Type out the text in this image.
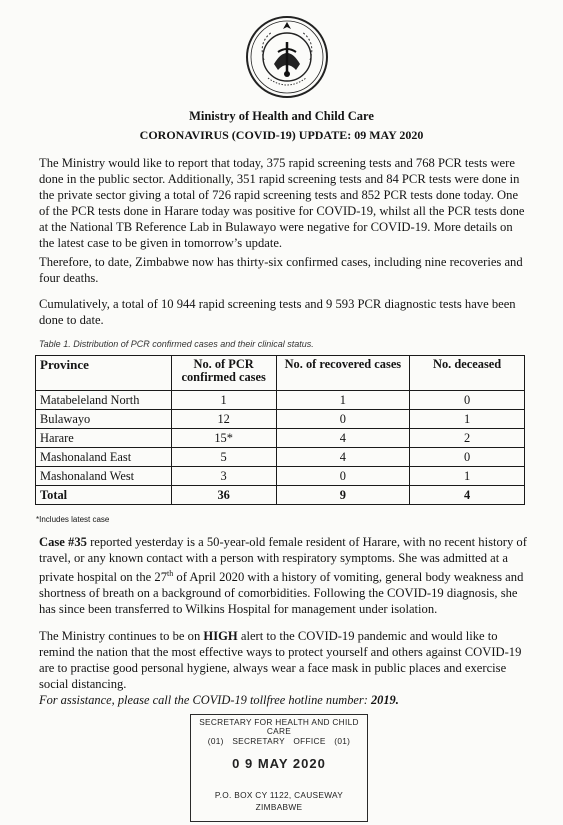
Ministry of Health and Child Care
CORONAVIRUS (COVID-19) UPDATE: 09 MAY 2020

The Ministry would like to report that today, 375 rapid screening tests and 768 PCR tests were done in the public sector. Additionally, 351 rapid screening tests and 84 PCR tests were done in the private sector giving a total of 726 rapid screening tests and 852 PCR tests done today. One of the PCR tests done in Harare today was positive for COVID-19, whilst all the PCR tests done at the National TB Reference Lab in Bulawayo were negative for COVID-19. More details on the latest case to be given in tomorrow’s update.

Therefore, to date, Zimbabwe now has thirty-six confirmed cases, including nine recoveries and four deaths.

Cumulatively, a total of 10 944 rapid screening tests and 9 593 PCR diagnostic tests have been done to date.

Table 1. Distribution of PCR confirmed cases and their clinical status.
Province	No. of PCR confirmed cases	No. of recovered cases	No. deceased
Matabeleland North	1	1	0
Bulawayo	12	0	1
Harare	15*	4	2
Mashonaland East	5	4	0
Mashonaland West	3	0	1
Total	36	9	4
*Includes latest case

Case #35 reported yesterday is a 50-year-old female resident of Harare, with no recent history of travel, or any known contact with a person with respiratory symptoms. She was admitted at a private hospital on the 27th of April 2020 with a history of vomiting, general body weakness and shortness of breath on a background of comorbidities. Following the COVID-19 diagnosis, she has since been transferred to Wilkins Hospital for management under isolation.

The Ministry continues to be on HIGH alert to the COVID-19 pandemic and would like to remind the nation that the most effective ways to protect yourself and others against COVID-19 are to practise good personal hygiene, always wear a face mask in public places and exercise social distancing.

For assistance, please call the COVID-19 tollfree hotline number: 2019.
SECRETARY FOR HEALTH AND CHILD
CARE
(01) SECRETARY OFFICE (01)
0 9 MAY 2020
P.O. BOX CY 1122, CAUSEWAY
ZIMBABWE
